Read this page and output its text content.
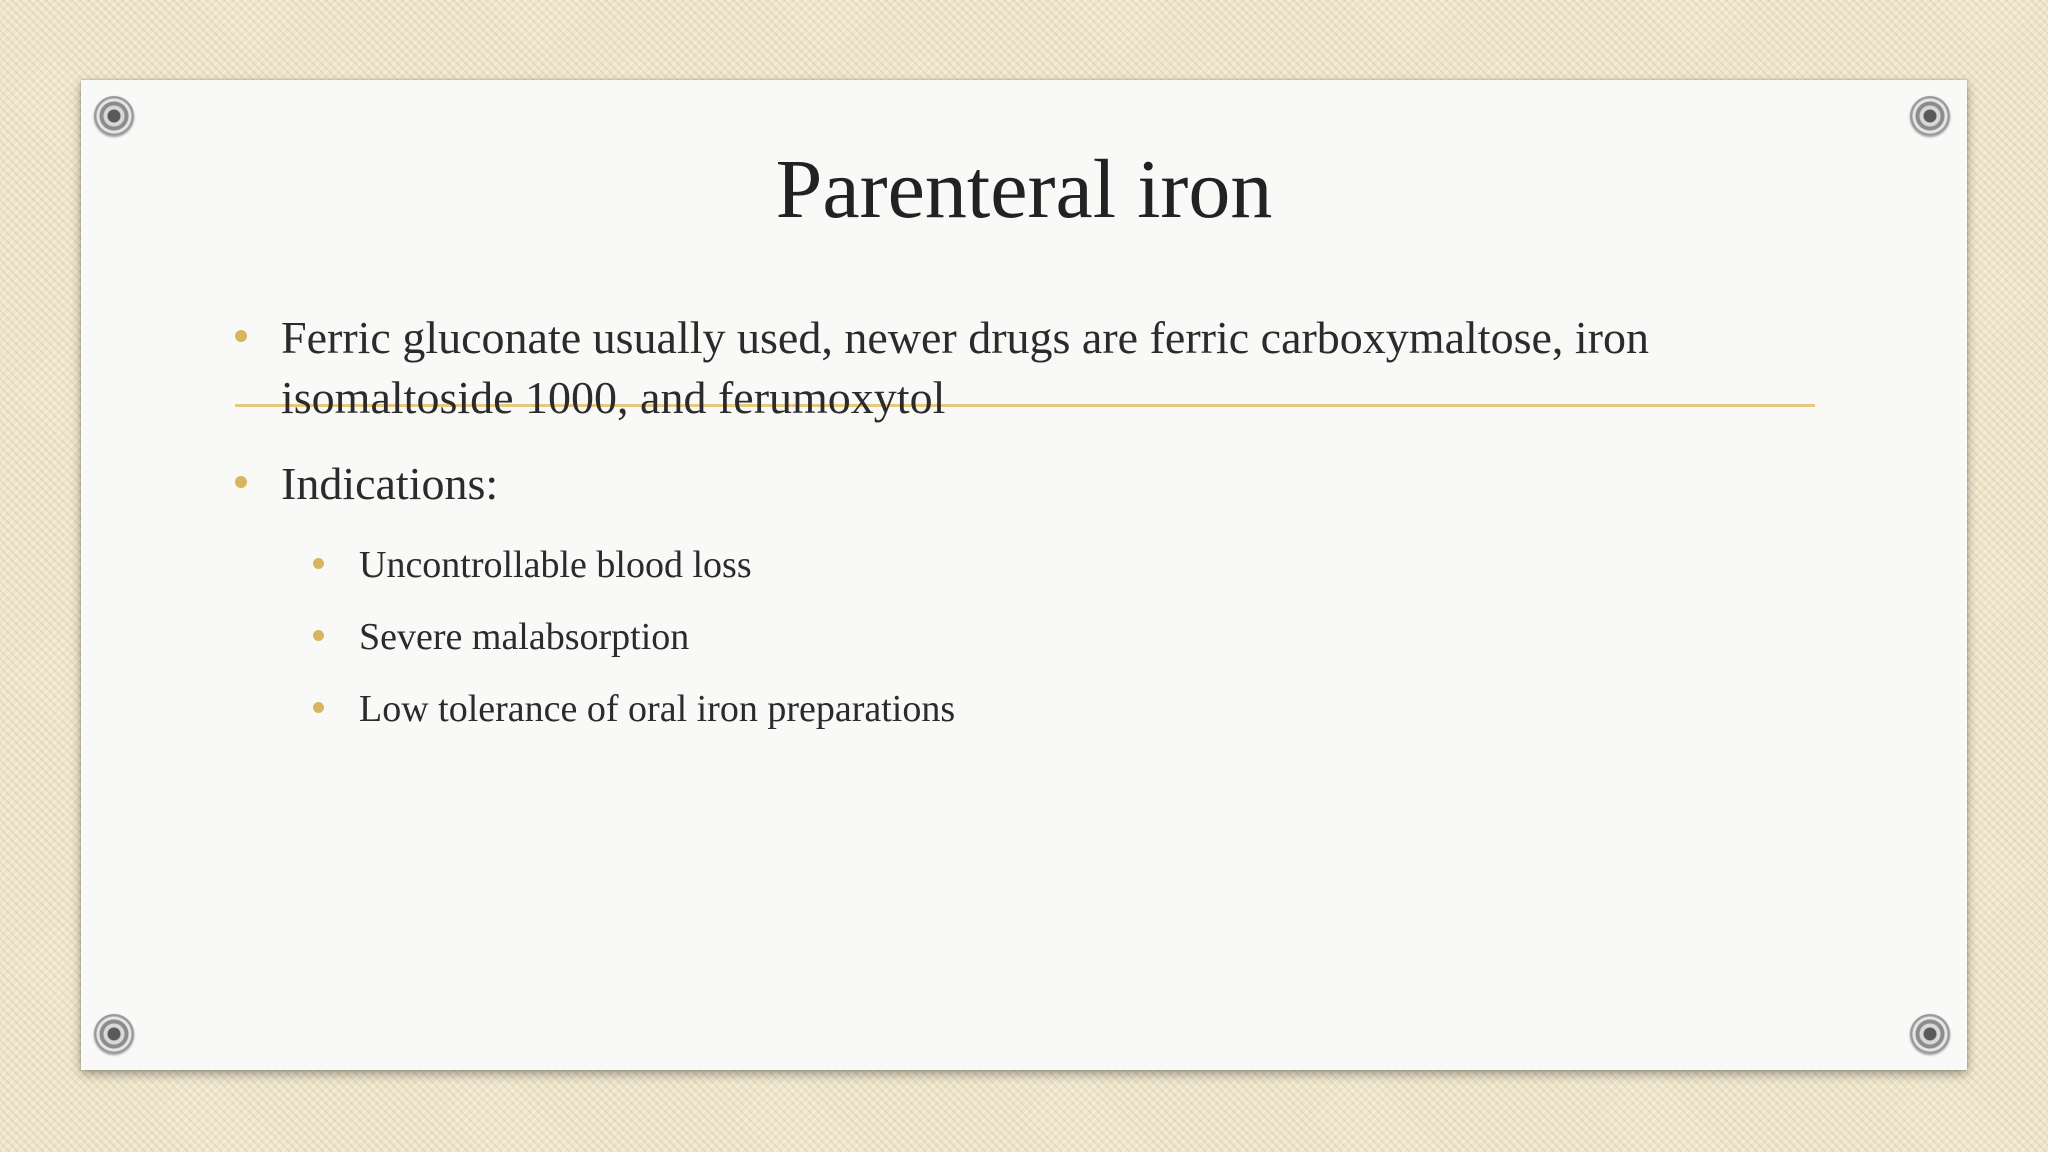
Parenteral iron
Ferric gluconate usually used, newer drugs are ferric carboxymaltose, iron isomaltoside 1000, and ferumoxytol
Indications:
Uncontrollable blood loss
Severe malabsorption
Low tolerance of oral iron preparations
